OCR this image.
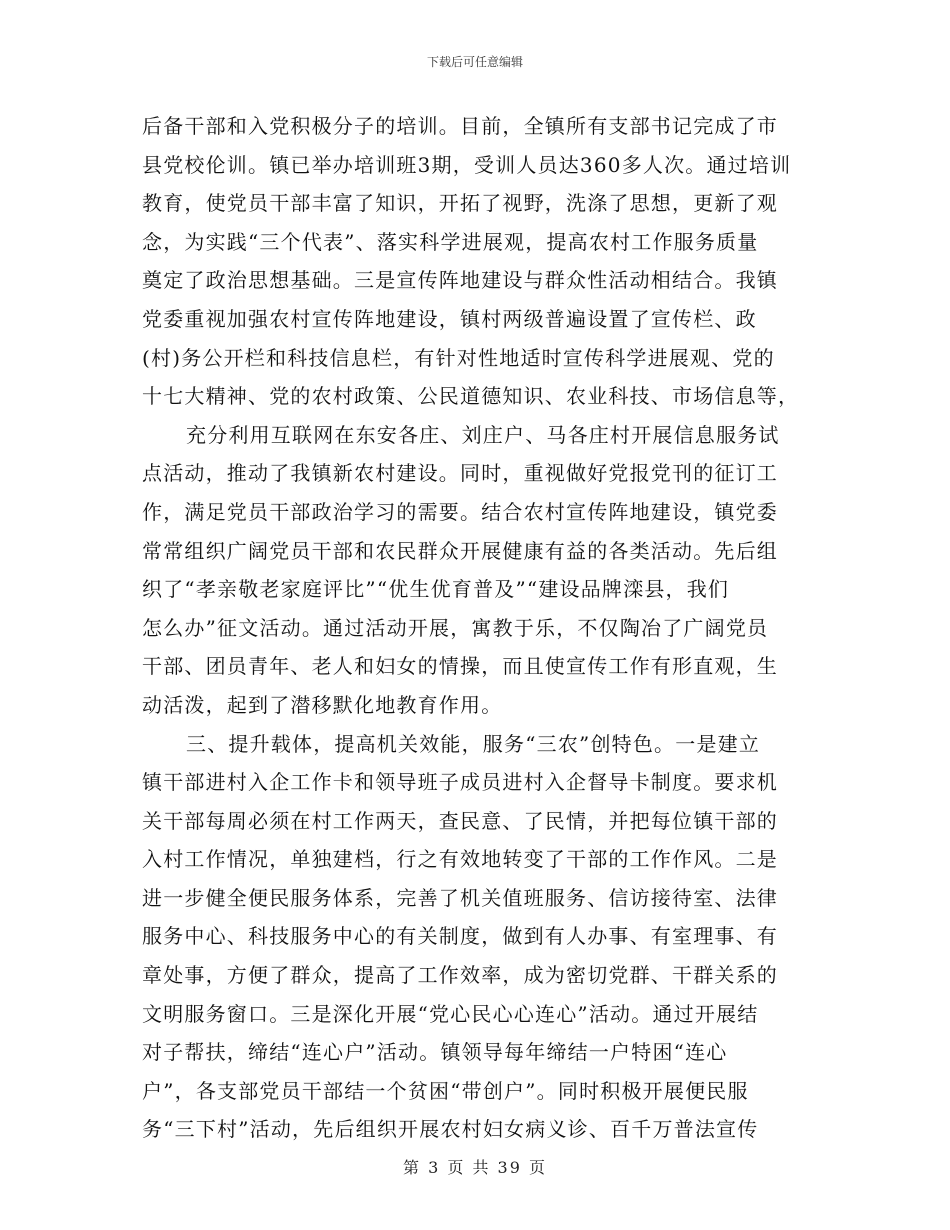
下载后可任意编辑
后备干部和入党积极分子的培训。目前，全镇所有支部书记完成了市
县党校伦训。镇已举办培训班3期，受训人员达360多人次。通过培训
教育，使党员干部丰富了知识，开拓了视野，洗涤了思想，更新了观
念，为实践“三个代表”、落实科学进展观，提高农村工作服务质量
奠定了政治思想基础。三是宣传阵地建设与群众性活动相结合。我镇
党委重视加强农村宣传阵地建设，镇村两级普遍设置了宣传栏、政
(村)务公开栏和科技信息栏，有针对性地适时宣传科学进展观、党的
十七大精神、党的农村政策、公民道德知识、农业科技、市场信息等，
充分利用互联网在东安各庄、刘庄户、马各庄村开展信息服务试
点活动，推动了我镇新农村建设。同时，重视做好党报党刊的征订工
作，满足党员干部政治学习的需要。结合农村宣传阵地建设，镇党委
常常组织广阔党员干部和农民群众开展健康有益的各类活动。先后组
织了“孝亲敬老家庭评比”“优生优育普及”“建设品牌滦县，我们
怎么办”征文活动。通过活动开展，寓教于乐，不仅陶冶了广阔党员
干部、团员青年、老人和妇女的情操，而且使宣传工作有形直观，生
动活泼，起到了潜移默化地教育作用。
三、提升载体，提高机关效能，服务“三农”创特色。一是建立
镇干部进村入企工作卡和领导班子成员进村入企督导卡制度。要求机
关干部每周必须在村工作两天，查民意、了民情，并把每位镇干部的
入村工作情况，单独建档，行之有效地转变了干部的工作作风。二是
进一步健全便民服务体系，完善了机关值班服务、信访接待室、法律
服务中心、科技服务中心的有关制度，做到有人办事、有室理事、有
章处事，方便了群众，提高了工作效率，成为密切党群、干群关系的
文明服务窗口。三是深化开展“党心民心心连心”活动。通过开展结
对子帮扶，缔结“连心户”活动。镇领导每年缔结一户特困“连心
户”，各支部党员干部结一个贫困“带创户”。同时积极开展便民服
务“三下村”活动，先后组织开展农村妇女病义诊、百千万普法宣传
第 3 页 共 39 页
